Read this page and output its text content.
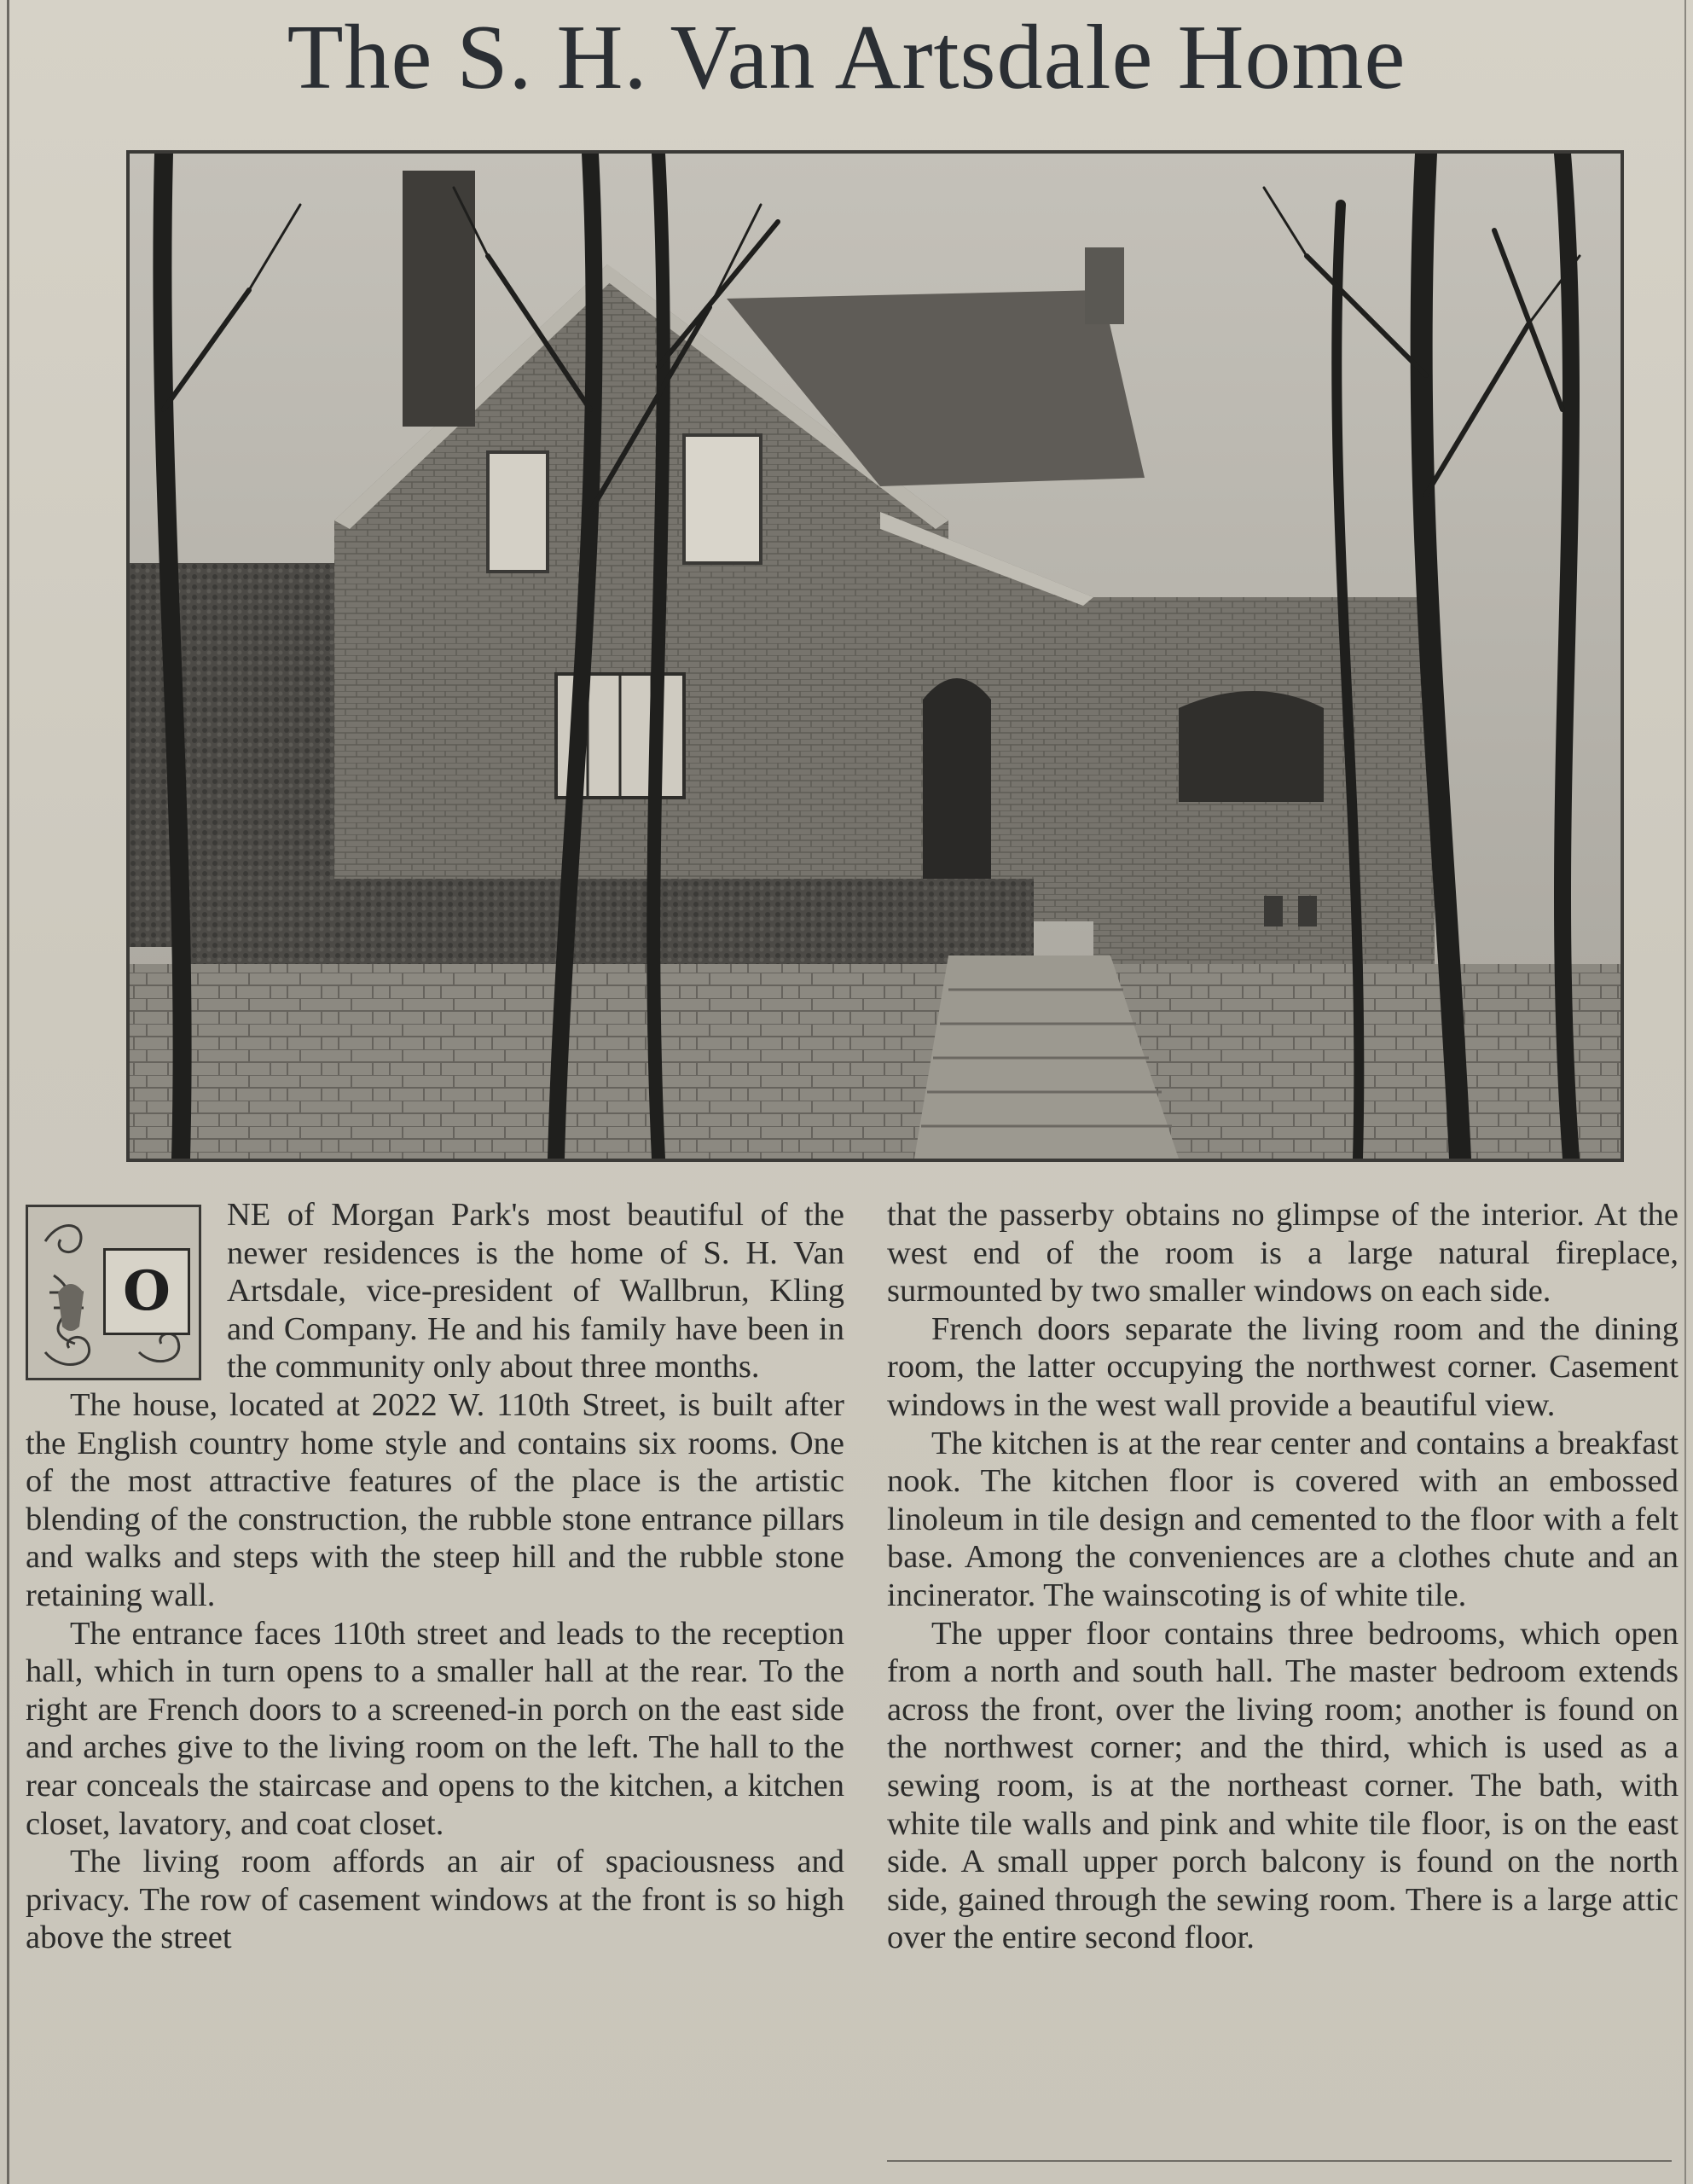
The S. H. Van Artsdale Home

NE of Morgan Park's most beautiful of the newer residences is the home of S. H. Van Artsdale, vice-president of Wallbrun, Kling and Company. He and his family have been in the community only about three months.

The house, located at 2022 W. 110th Street, is built after the English country home style and contains six rooms. One of the most attractive features of the place is the artistic blending of the construction, the rubble stone entrance pillars and walks and steps with the steep hill and the rubble stone retaining wall.

The entrance faces 110th street and leads to the reception hall, which in turn opens to a smaller hall at the rear. To the right are French doors to a screened-in porch on the east side and arches give to the living room on the left. The hall to the rear conceals the staircase and opens to the kitchen, a kitchen closet, lavatory, and coat closet.

The living room affords an air of spaciousness and privacy. The row of casement windows at the front is so high above the street

O

that the passerby obtains no glimpse of the interior. At the west end of the room is a large natural fireplace, surmounted by two smaller windows on each side.

French doors separate the living room and the dining room, the latter occupying the northwest corner. Casement windows in the west wall provide a beautiful view.

The kitchen is at the rear center and contains a breakfast nook. The kitchen floor is covered with an embossed linoleum in tile design and cemented to the floor with a felt base. Among the conveniences are a clothes chute and an incinerator. The wainscoting is of white tile.

The upper floor contains three bedrooms, which open from a north and south hall. The master bedroom extends across the front, over the living room; another is found on the northwest corner; and the third, which is used as a sewing room, is at the northeast corner. The bath, with white tile walls and pink and white tile floor, is on the east side. A small upper porch balcony is found on the north side, gained through the sewing room. There is a large attic over the entire second floor.
